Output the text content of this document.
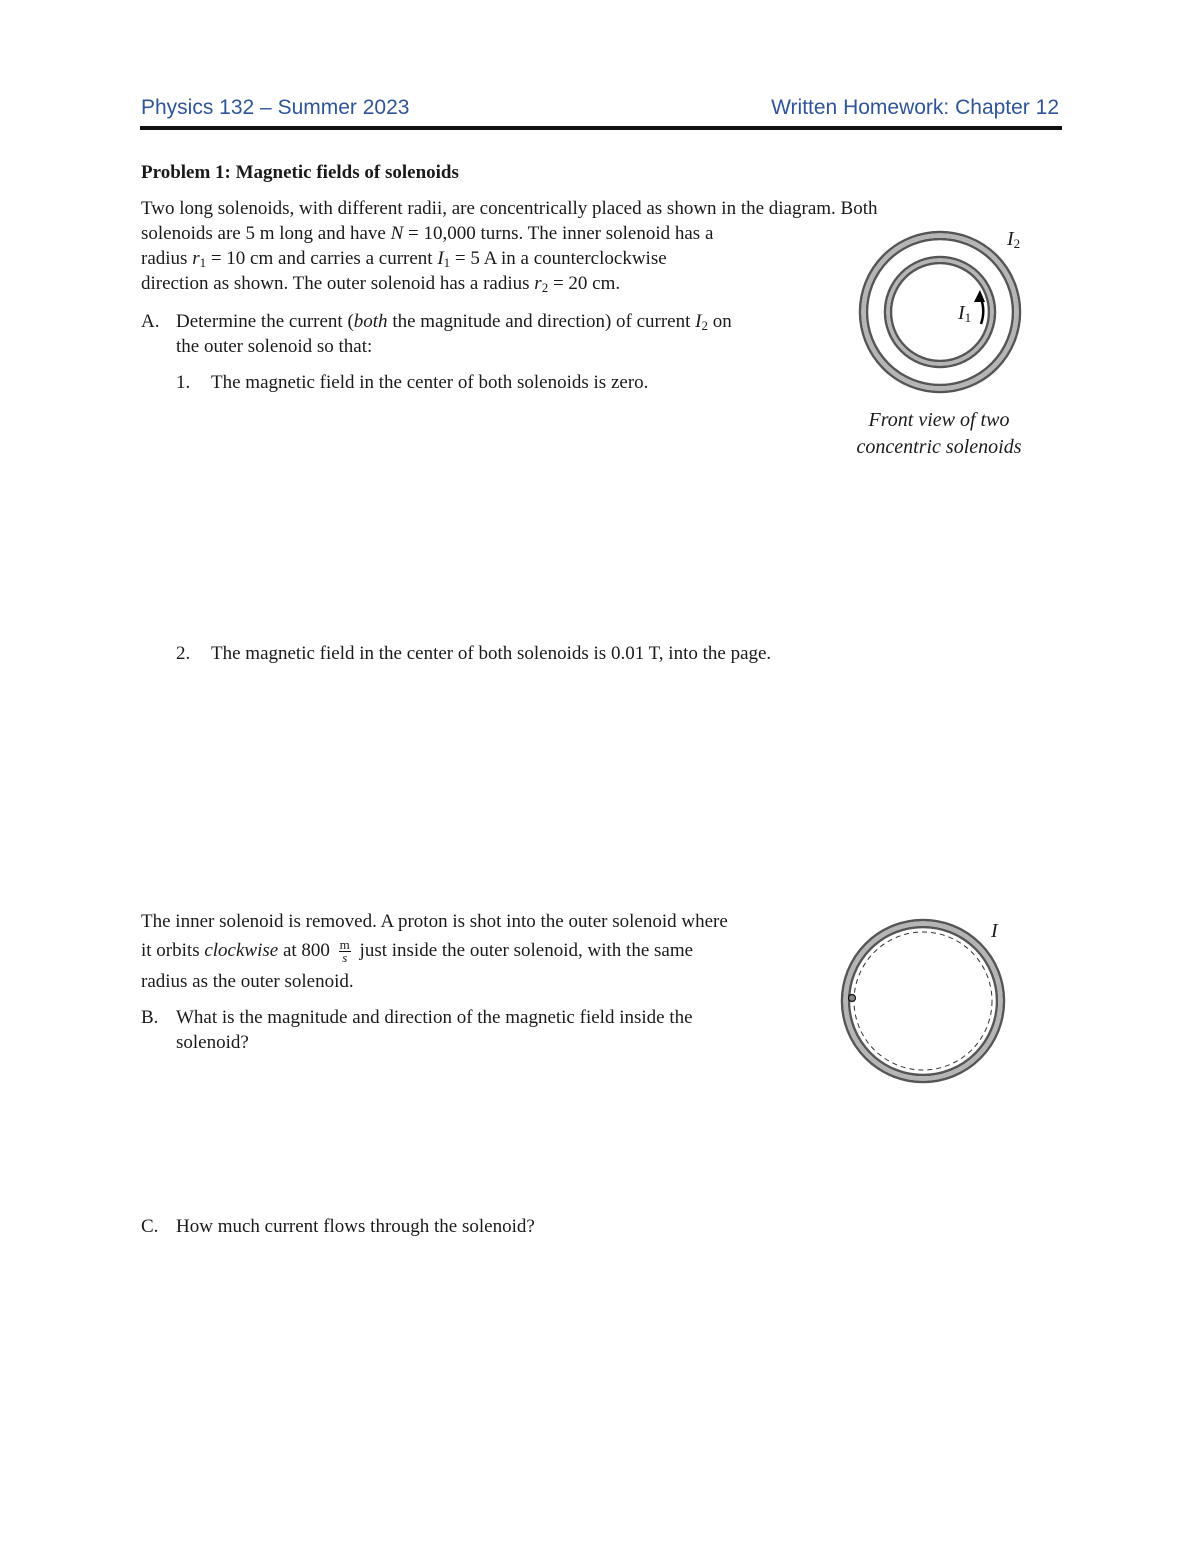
Physics 132 – Summer 2023	Written Homework: Chapter 12
Problem 1: Magnetic fields of solenoids
Two long solenoids, with different radii, are concentrically placed as shown in the diagram. Both
solenoids are 5 m long and have N = 10,000 turns. The inner solenoid has a
radius $r_1 = 10$ cm and carries a current $I_1 = 5$ A in a counterclockwise
direction as shown. The outer solenoid has a radius $r_2 = 20$ cm.
A. Determine the current (both the magnitude and direction) of current $I_2$ on
the outer solenoid so that:
1. The magnetic field in the center of both solenoids is zero.
2. The magnetic field in the center of both solenoids is 0.01 T, into the page.
$I_2$
$I_1$
Front view of two
concentric solenoids
The inner solenoid is removed. A proton is shot into the outer solenoid where
it orbits clockwise at $800 \frac{m}{s}$ just inside the outer solenoid, with the same
radius as the outer solenoid.
B. What is the magnitude and direction of the magnetic field inside the
solenoid?
I
C. How much current flows through the solenoid?
